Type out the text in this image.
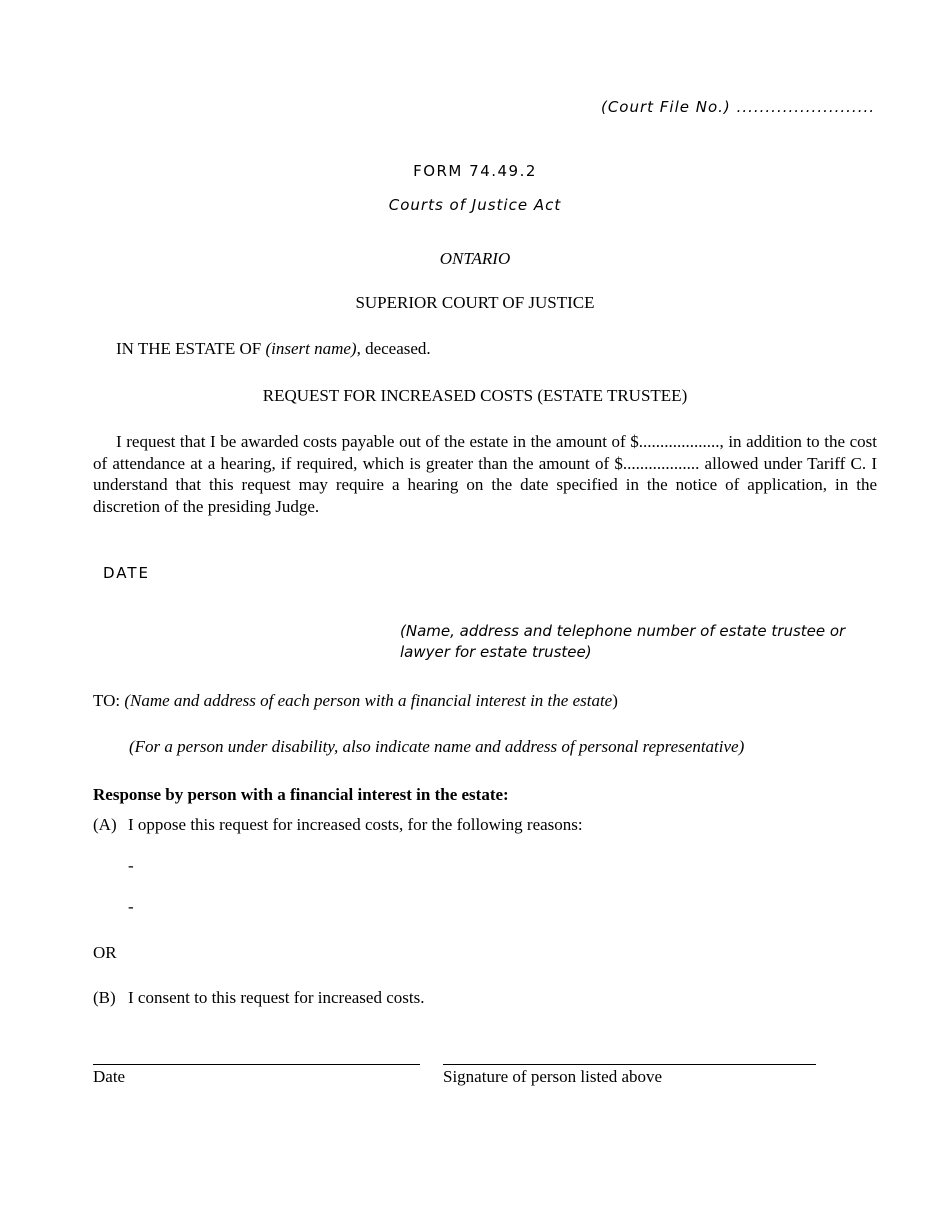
(Court File No.) ........................
FORM 74.49.2
Courts of Justice Act
ONTARIO
SUPERIOR COURT OF JUSTICE
IN THE ESTATE OF (insert name), deceased.
REQUEST FOR INCREASED COSTS (ESTATE TRUSTEE)
I request that I be awarded costs payable out of the estate in the amount of $..................., in addition to the cost of attendance at a hearing, if required, which is greater than the amount of $.................. allowed under Tariff C. I understand that this request may require a hearing on the date specified in the notice of application, in the discretion of the presiding Judge.
DATE
(Name, address and telephone number of estate trustee or
lawyer for estate trustee)
TO: (Name and address of each person with a financial interest in the estate)
(For a person under disability, also indicate name and address of personal representative)
Response by person with a financial interest in the estate:
(A) I oppose this request for increased costs, for the following reasons:
-
-
OR
(B) I consent to this request for increased costs.
Date	Signature of person listed above
